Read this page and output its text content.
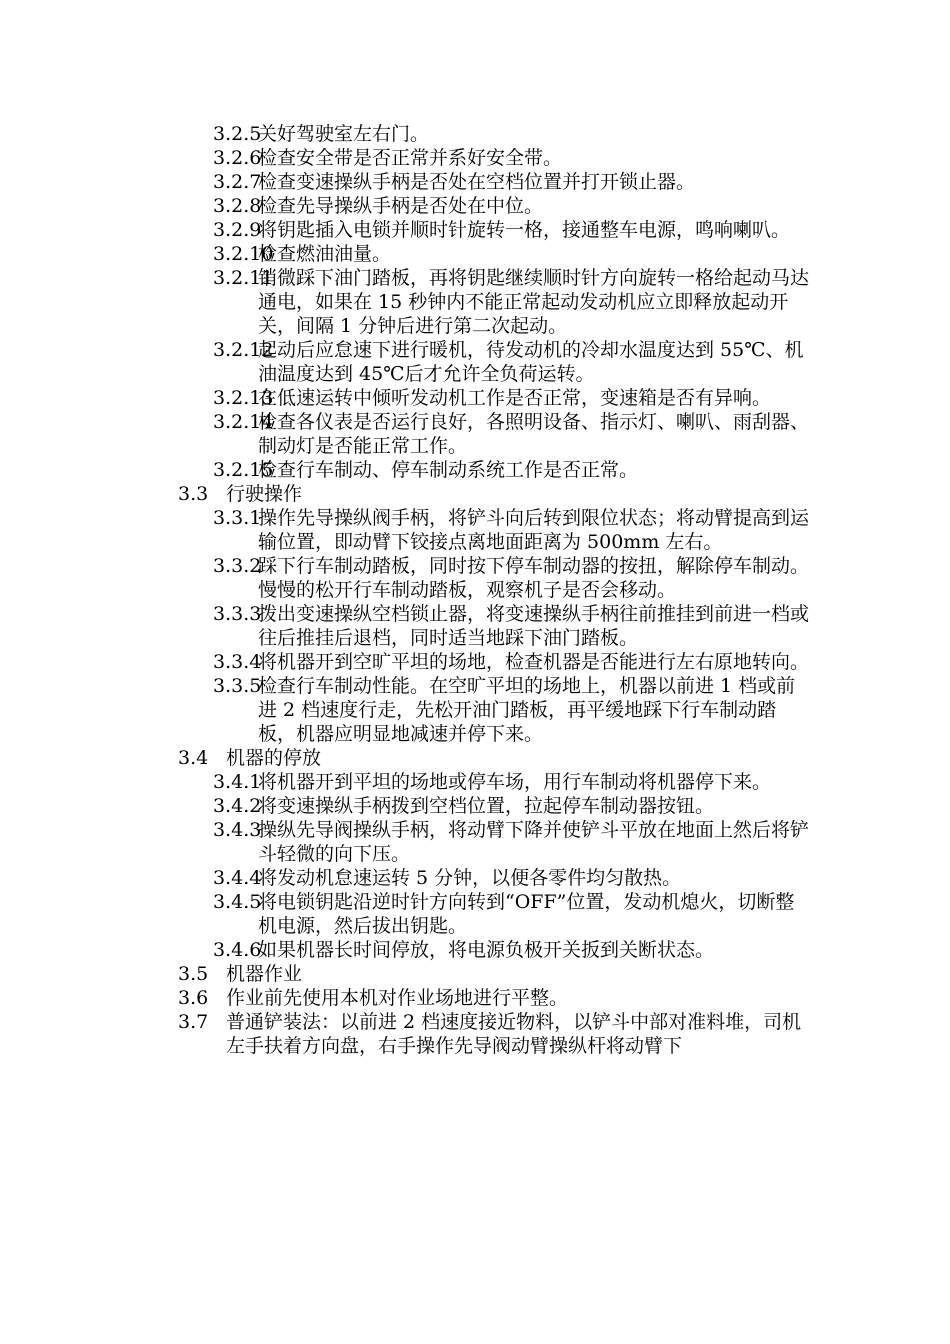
3.2.5
关好驾驶室左右门。

3.2.6
检查安全带是否正常并系好安全带。

3.2.7
检查变速操纵手柄是否处在空档位置并打开锁止器。

3.2.8
检查先导操纵手柄是否处在中位。

3.2.9
将钥匙插入电锁并顺时针旋转一格，接通整车电源，鸣响喇叭。

3.2.10
检查燃油油量。

3.2.11
销微踩下油门踏板，再将钥匙继续顺时针方向旋转一格给起动马达通电，如果在 15 秒钟内不能正常起动发动机应立即释放起动开关，间隔 1 分钟后进行第二次起动。

3.2.12
起动后应怠速下进行暖机，待发动机的冷却水温度达到 55℃、机油温度达到 45℃后才允许全负荷运转。

3.2.13
在低速运转中倾听发动机工作是否正常，变速箱是否有异响。

3.2.14
检查各仪表是否运行良好，各照明设备、指示灯、喇叭、雨刮器、制动灯是否能正常工作。

3.2.15
检查行车制动、停车制动系统工作是否正常。

3.3 行驶操作

3.3.1
操作先导操纵阀手柄，将铲斗向后转到限位状态；将动臂提高到运输位置，即动臂下铰接点离地面距离为 500mm 左右。

3.3.2
踩下行车制动踏板，同时按下停车制动器的按扭，解除停车制动。慢慢的松开行车制动踏板，观察机子是否会移动。

3.3.3
拨出变速操纵空档锁止器，将变速操纵手柄往前推挂到前进一档或往后推挂后退档，同时适当地踩下油门踏板。

3.3.4
将机器开到空旷平坦的场地，检查机器是否能进行左右原地转向。

3.3.5
检查行车制动性能。在空旷平坦的场地上，机器以前进 1 档或前进 2 档速度行走，先松开油门踏板，再平缓地踩下行车制动踏板，机器应明显地减速并停下来。

3.4 机器的停放

3.4.1
将机器开到平坦的场地或停车场，用行车制动将机器停下来。

3.4.2
将变速操纵手柄拨到空档位置，拉起停车制动器按钮。

3.4.3
操纵先导阀操纵手柄，将动臂下降并使铲斗平放在地面上然后将铲斗轻微的向下压。

3.4.4
将发动机怠速运转 5 分钟，以便各零件均匀散热。

3.4.5
将电锁钥匙沿逆时针方向转到“OFF”位置，发动机熄火，切断整机电源，然后拔出钥匙。

3.4.6
如果机器长时间停放，将电源负极开关扳到关断状态。

3.5 机器作业

3.6 作业前先使用本机对作业场地进行平整。

3.7 普通铲装法：以前进 2 档速度接近物料，以铲斗中部对准料堆，司机左手扶着方向盘，右手操作先导阀动臂操纵杆将动臂下
